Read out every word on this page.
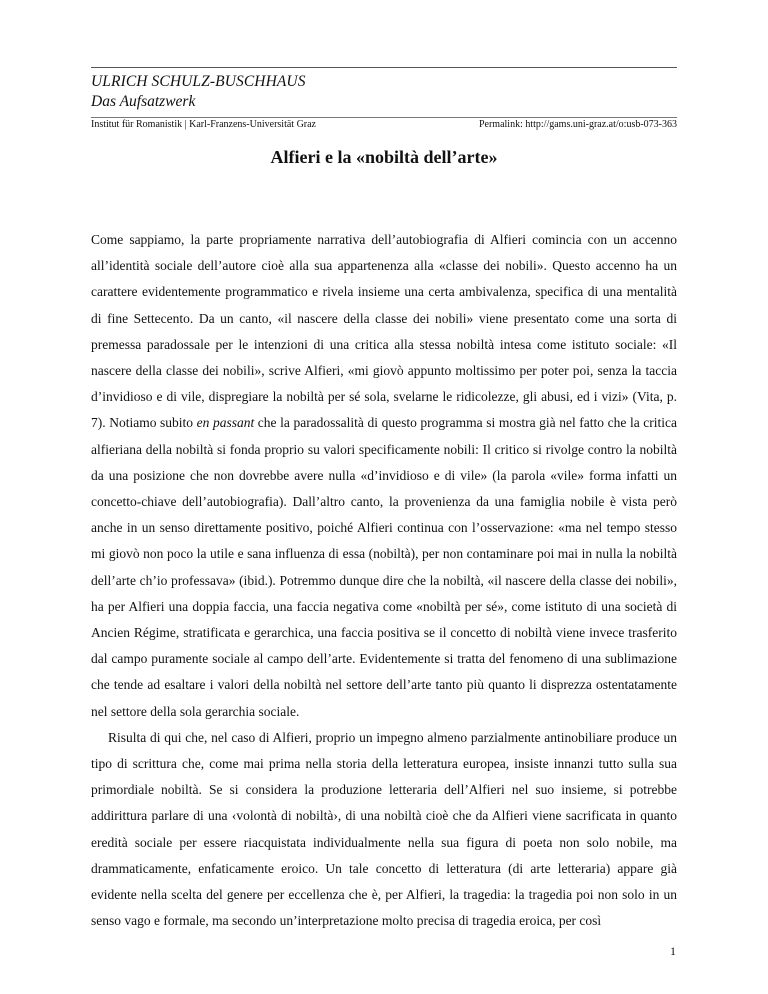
ULRICH SCHULZ-BUSCHHAUS
Das Aufsatzwerk
Institut für Romanistik | Karl-Franzens-Universität Graz	Permalink: http://gams.uni-graz.at/o:usb-073-363
Alfieri e la «nobiltà dell’arte»

Come sappiamo, la parte propriamente narrativa dell’autobiografia di Alfieri comincia con un accenno all’identità sociale dell’autore cioè alla sua appartenenza alla «classe dei nobili». Questo accenno ha un carattere evidentemente programmatico e rivela insieme una certa ambivalenza, specifica di una mentalità di fine Settecento. Da un canto, «il nascere della classe dei nobili» viene presentato come una sorta di premessa paradossale per le intenzioni di una critica alla stessa nobiltà intesa come istituto sociale: «Il nascere della classe dei nobili», scrive Alfieri, «mi giovò appunto moltissimo per poter poi, senza la taccia d’invidioso e di vile, dispregiare la nobiltà per sé sola, svelarne le ridicolezze, gli abusi, ed i vizi» (Vita, p. 7). Notiamo subito en passant che la paradossalità di questo programma si mostra già nel fatto che la critica alfieriana della nobiltà si fonda proprio su valori specificamente nobili: Il critico si rivolge contro la nobiltà da una posizione che non dovrebbe avere nulla «d’invidioso e di vile» (la parola «vile» forma infatti un concetto-chiave dell’autobiografia). Dall’altro canto, la provenienza da una famiglia nobile è vista però anche in un senso direttamente positivo, poiché Alfieri continua con l’osservazione: «ma nel tempo stesso mi giovò non poco la utile e sana influenza di essa (nobiltà), per non contaminare poi mai in nulla la nobiltà dell’arte ch’io professava» (ibid.). Potremmo dunque dire che la nobiltà, «il nascere della classe dei nobili», ha per Alfieri una doppia faccia, una faccia negativa come «nobiltà per sé», come istituto di una società di Ancien Régime, stratificata e gerarchica, una faccia positiva se il concetto di nobiltà viene invece trasferito dal campo puramente sociale al campo dell’arte. Evidentemente si tratta del fenomeno di una sublimazione che tende ad esaltare i valori della nobiltà nel settore dell’arte tanto più quanto li disprezza ostentatamente nel settore della sola gerarchia sociale.

Risulta di qui che, nel caso di Alfieri, proprio un impegno almeno parzialmente antinobiliare produce un tipo di scrittura che, come mai prima nella storia della letteratura europea, insiste innanzi tutto sulla sua primordiale nobiltà. Se si considera la produzione letteraria dell’Alfieri nel suo insieme, si potrebbe addirittura parlare di una ‹volontà di nobiltà›, di una nobiltà cioè che da Alfieri viene sacrificata in quanto eredità sociale per essere riacquistata individualmente nella sua figura di poeta non solo nobile, ma drammaticamente, enfaticamente eroico. Un tale concetto di letteratura (di arte letteraria) appare già evidente nella scelta del genere per eccellenza che è, per Alfieri, la tragedia: la tragedia poi non solo in un senso vago e formale, ma secondo un’interpretazione molto precisa di tragedia eroica, per così

1
